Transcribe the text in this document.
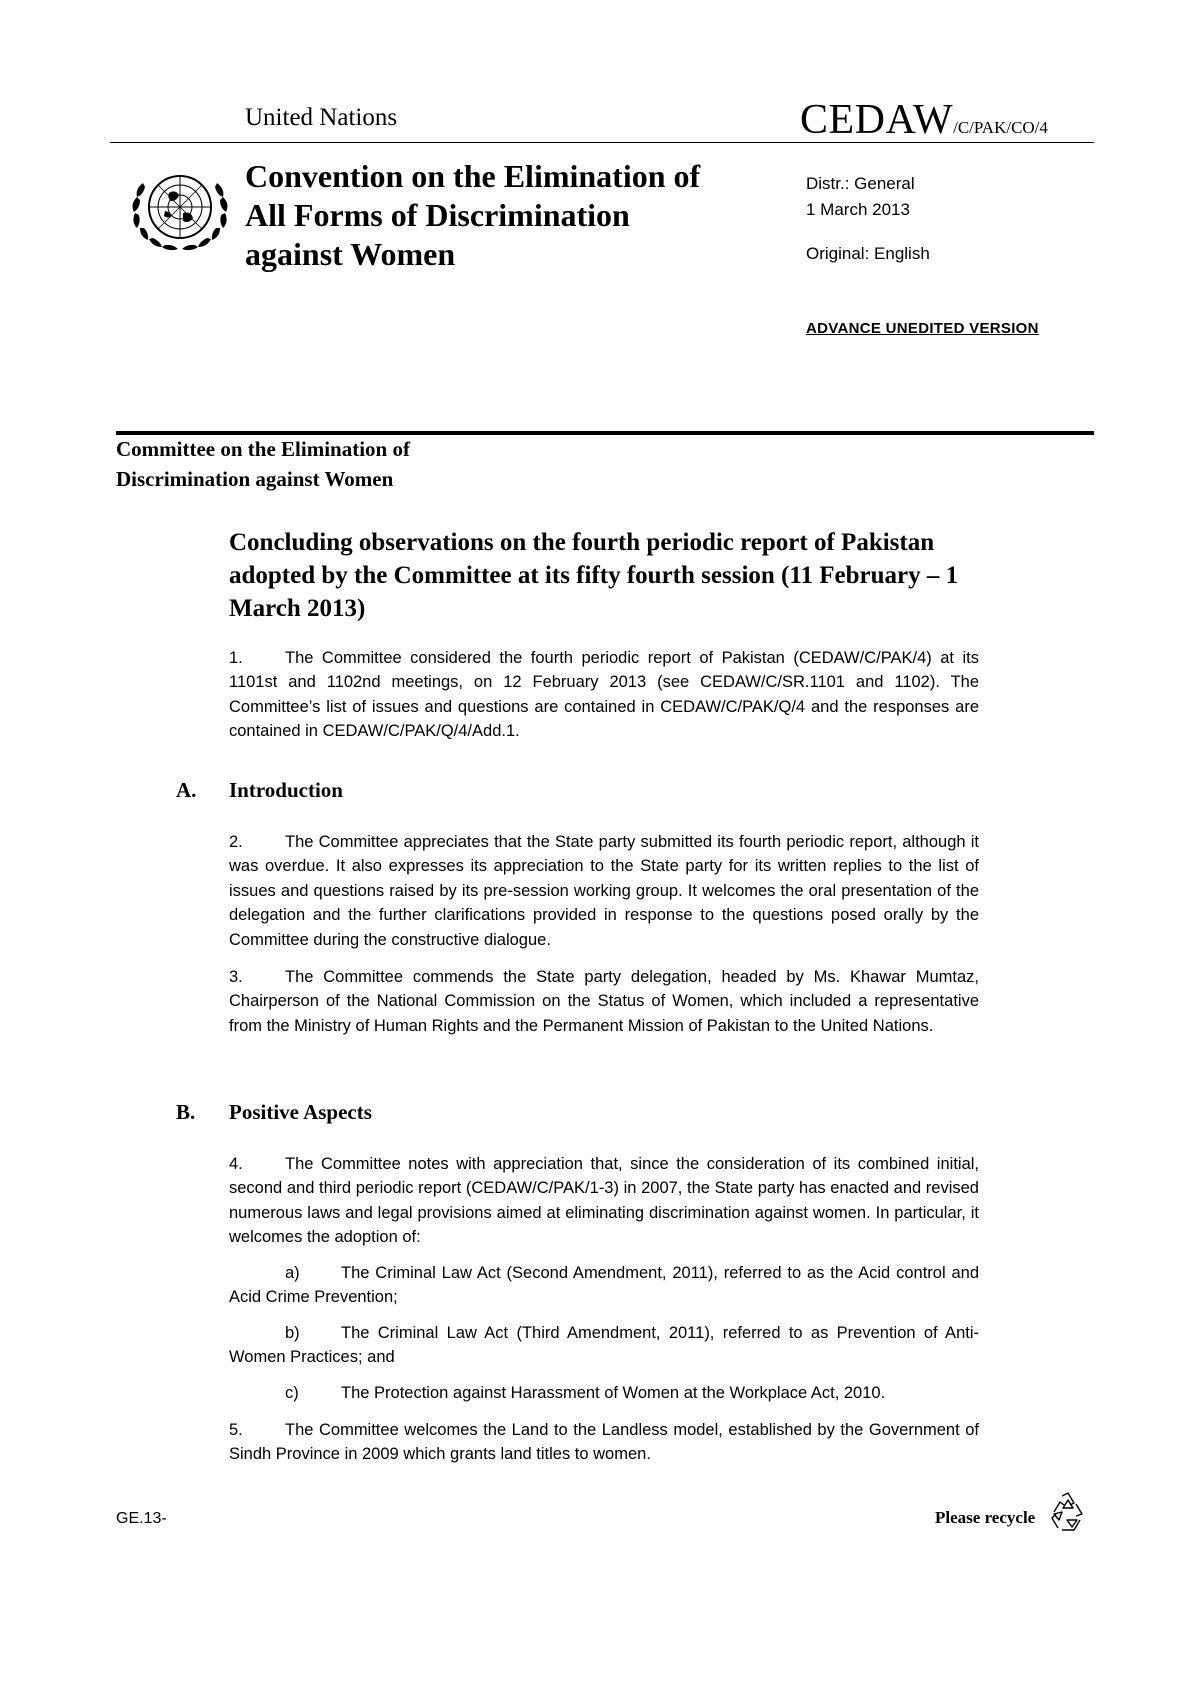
United Nations	CEDAW/C/PAK/CO/4
Convention on the Elimination of All Forms of Discrimination against Women
Distr.: General
1 March 2013
Original: English
ADVANCE UNEDITED VERSION
Committee on the Elimination of Discrimination against Women
Concluding observations on the fourth periodic report of Pakistan adopted by the Committee at its fifty fourth session (11 February – 1 March 2013)
1.	The Committee considered the fourth periodic report of Pakistan (CEDAW/C/PAK/4) at its 1101st and 1102nd meetings, on 12 February 2013 (see CEDAW/C/SR.1101 and 1102). The Committee’s list of issues and questions are contained in CEDAW/C/PAK/Q/4 and the responses are contained in CEDAW/C/PAK/Q/4/Add.1.
A. Introduction
2.	The Committee appreciates that the State party submitted its fourth periodic report, although it was overdue. It also expresses its appreciation to the State party for its written replies to the list of issues and questions raised by its pre-session working group. It welcomes the oral presentation of the delegation and the further clarifications provided in response to the questions posed orally by the Committee during the constructive dialogue.
3.	The Committee commends the State party delegation, headed by Ms. Khawar Mumtaz, Chairperson of the National Commission on the Status of Women, which included a representative from the Ministry of Human Rights and the Permanent Mission of Pakistan to the United Nations.
B. Positive Aspects
4.	The Committee notes with appreciation that, since the consideration of its combined initial, second and third periodic report (CEDAW/C/PAK/1-3) in 2007, the State party has enacted and revised numerous laws and legal provisions aimed at eliminating discrimination against women. In particular, it welcomes the adoption of:
a)	The Criminal Law Act (Second Amendment, 2011), referred to as the Acid control and Acid Crime Prevention;
b)	The Criminal Law Act (Third Amendment, 2011), referred to as Prevention of Anti-Women Practices; and
c)	The Protection against Harassment of Women at the Workplace Act, 2010.
5.	The Committee welcomes the Land to the Landless model, established by the Government of Sindh Province in 2009 which grants land titles to women.
GE.13-	Please recycle
